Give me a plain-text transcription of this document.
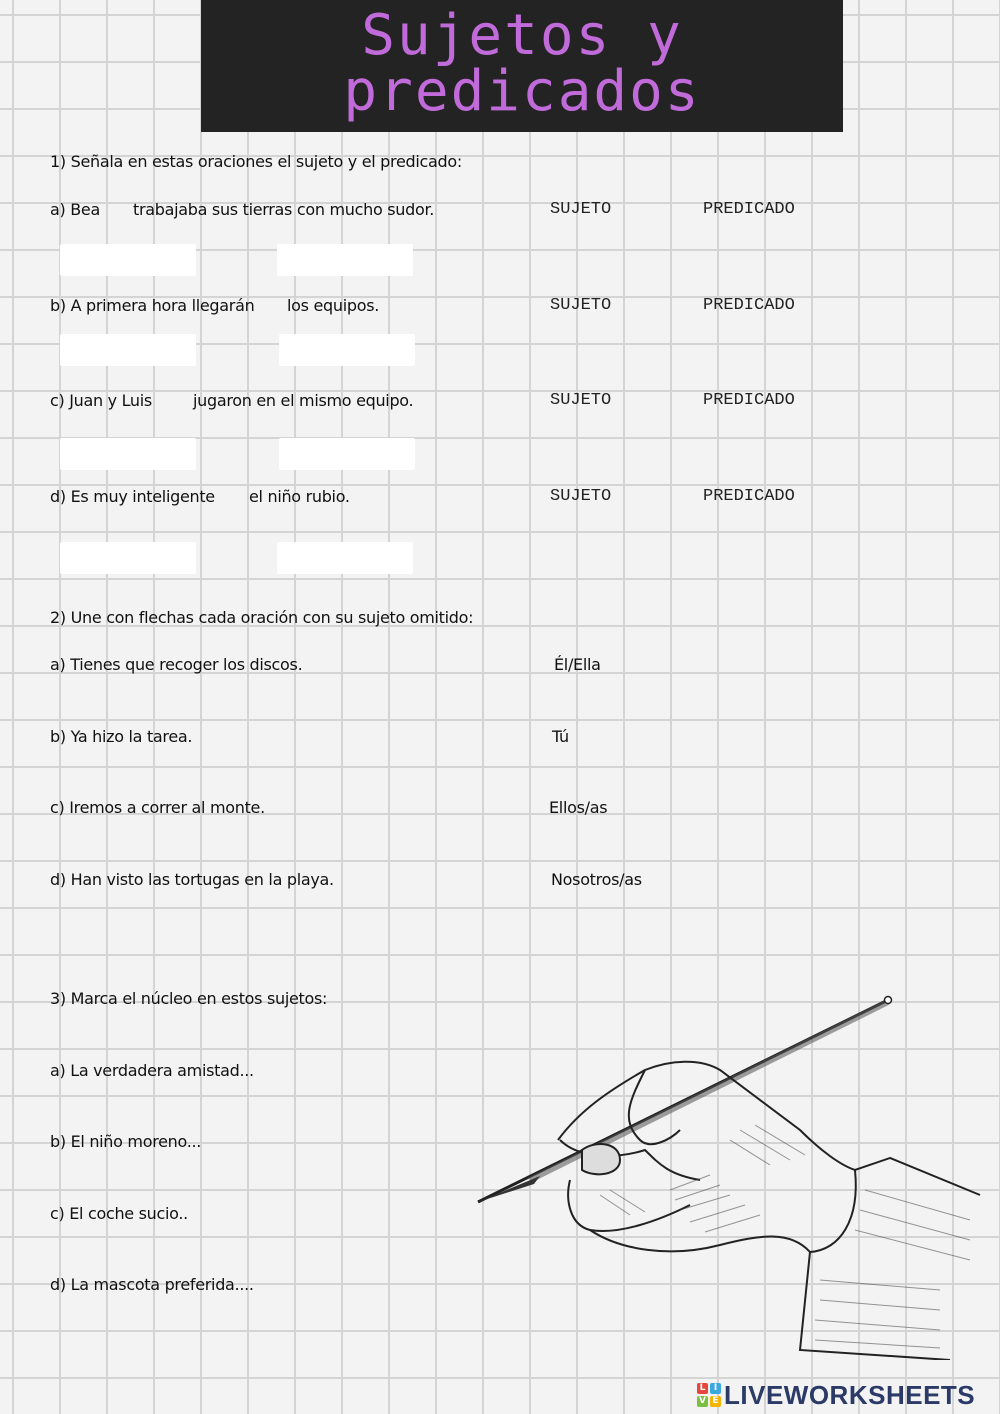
Sujetos y
predicados
1) Señala en estas oraciones el sujeto y el predicado:
a) Bea trabajaba sus tierras con mucho sudor.	SUJETO	PREDICADO
b) A primera hora llegarán los equipos.	SUJETO	PREDICADO
c) Juan y Luis	jugaron en el mismo equipo.	SUJETO	PREDICADO
d) Es muy inteligente el niño rubio.	SUJETO	PREDICADO
2) Une con flechas cada oración con su sujeto omitido:
a) Tienes que recoger los discos.
b) Ya hizo la tarea.
c) Iremos a correr al monte.
d) Han visto las tortugas en la playa.
Él/Ella
Tú
Ellos/as
Nosotros/as
3) Marca el núcleo en estos sujetos:
a) La verdadera amistad...
b) El niño moreno...
c) El coche sucio..
d) La mascota preferida....
L I
V E LIVEWORKSHEETS
